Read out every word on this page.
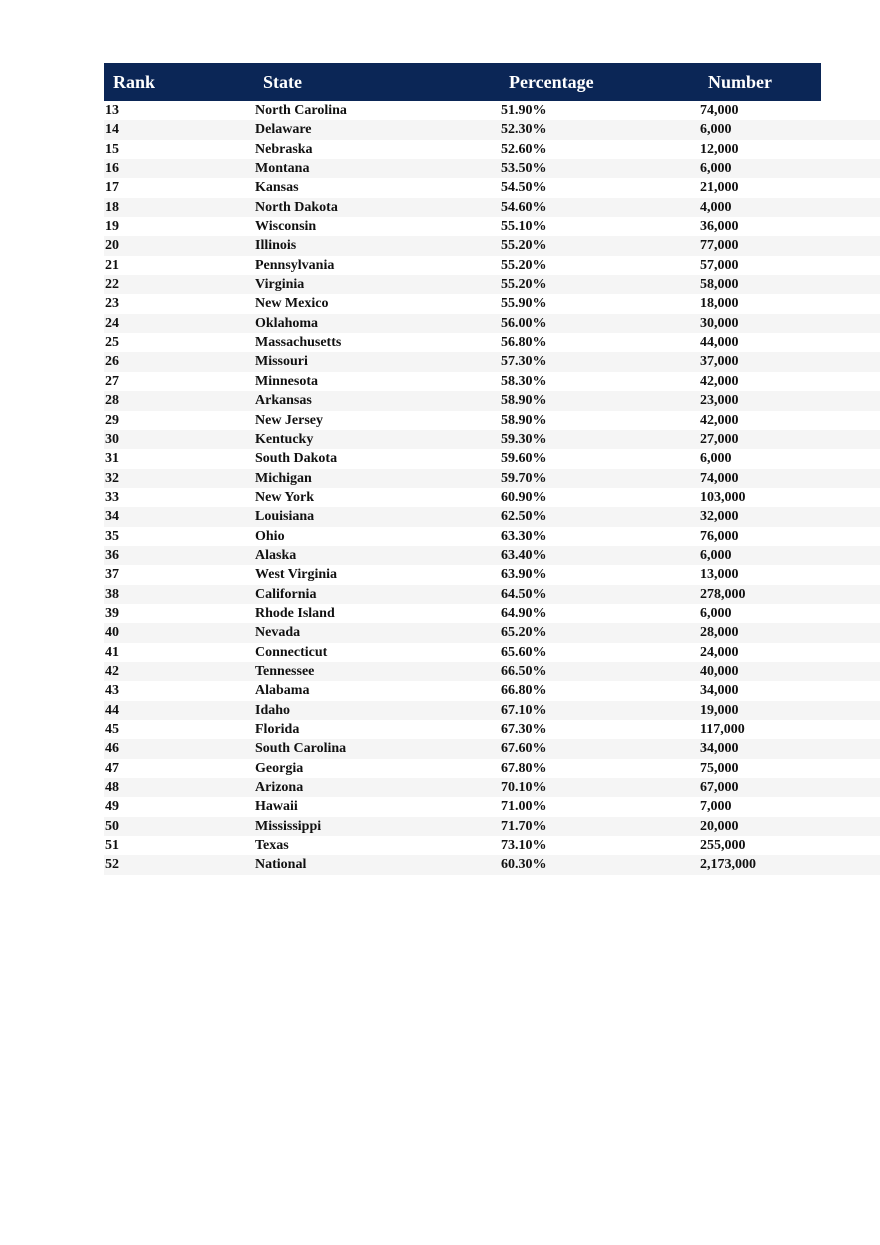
Rank	State	Percentage	Number
13	North Carolina	51.90%	74,000
14	Delaware	52.30%	6,000
15	Nebraska	52.60%	12,000
16	Montana	53.50%	6,000
17	Kansas	54.50%	21,000
18	North Dakota	54.60%	4,000
19	Wisconsin	55.10%	36,000
20	Illinois	55.20%	77,000
21	Pennsylvania	55.20%	57,000
22	Virginia	55.20%	58,000
23	New Mexico	55.90%	18,000
24	Oklahoma	56.00%	30,000
25	Massachusetts	56.80%	44,000
26	Missouri	57.30%	37,000
27	Minnesota	58.30%	42,000
28	Arkansas	58.90%	23,000
29	New Jersey	58.90%	42,000
30	Kentucky	59.30%	27,000
31	South Dakota	59.60%	6,000
32	Michigan	59.70%	74,000
33	New York	60.90%	103,000
34	Louisiana	62.50%	32,000
35	Ohio	63.30%	76,000
36	Alaska	63.40%	6,000
37	West Virginia	63.90%	13,000
38	California	64.50%	278,000
39	Rhode Island	64.90%	6,000
40	Nevada	65.20%	28,000
41	Connecticut	65.60%	24,000
42	Tennessee	66.50%	40,000
43	Alabama	66.80%	34,000
44	Idaho	67.10%	19,000
45	Florida	67.30%	117,000
46	South Carolina	67.60%	34,000
47	Georgia	67.80%	75,000
48	Arizona	70.10%	67,000
49	Hawaii	71.00%	7,000
50	Mississippi	71.70%	20,000
51	Texas	73.10%	255,000
52	National	60.30%	2,173,000
